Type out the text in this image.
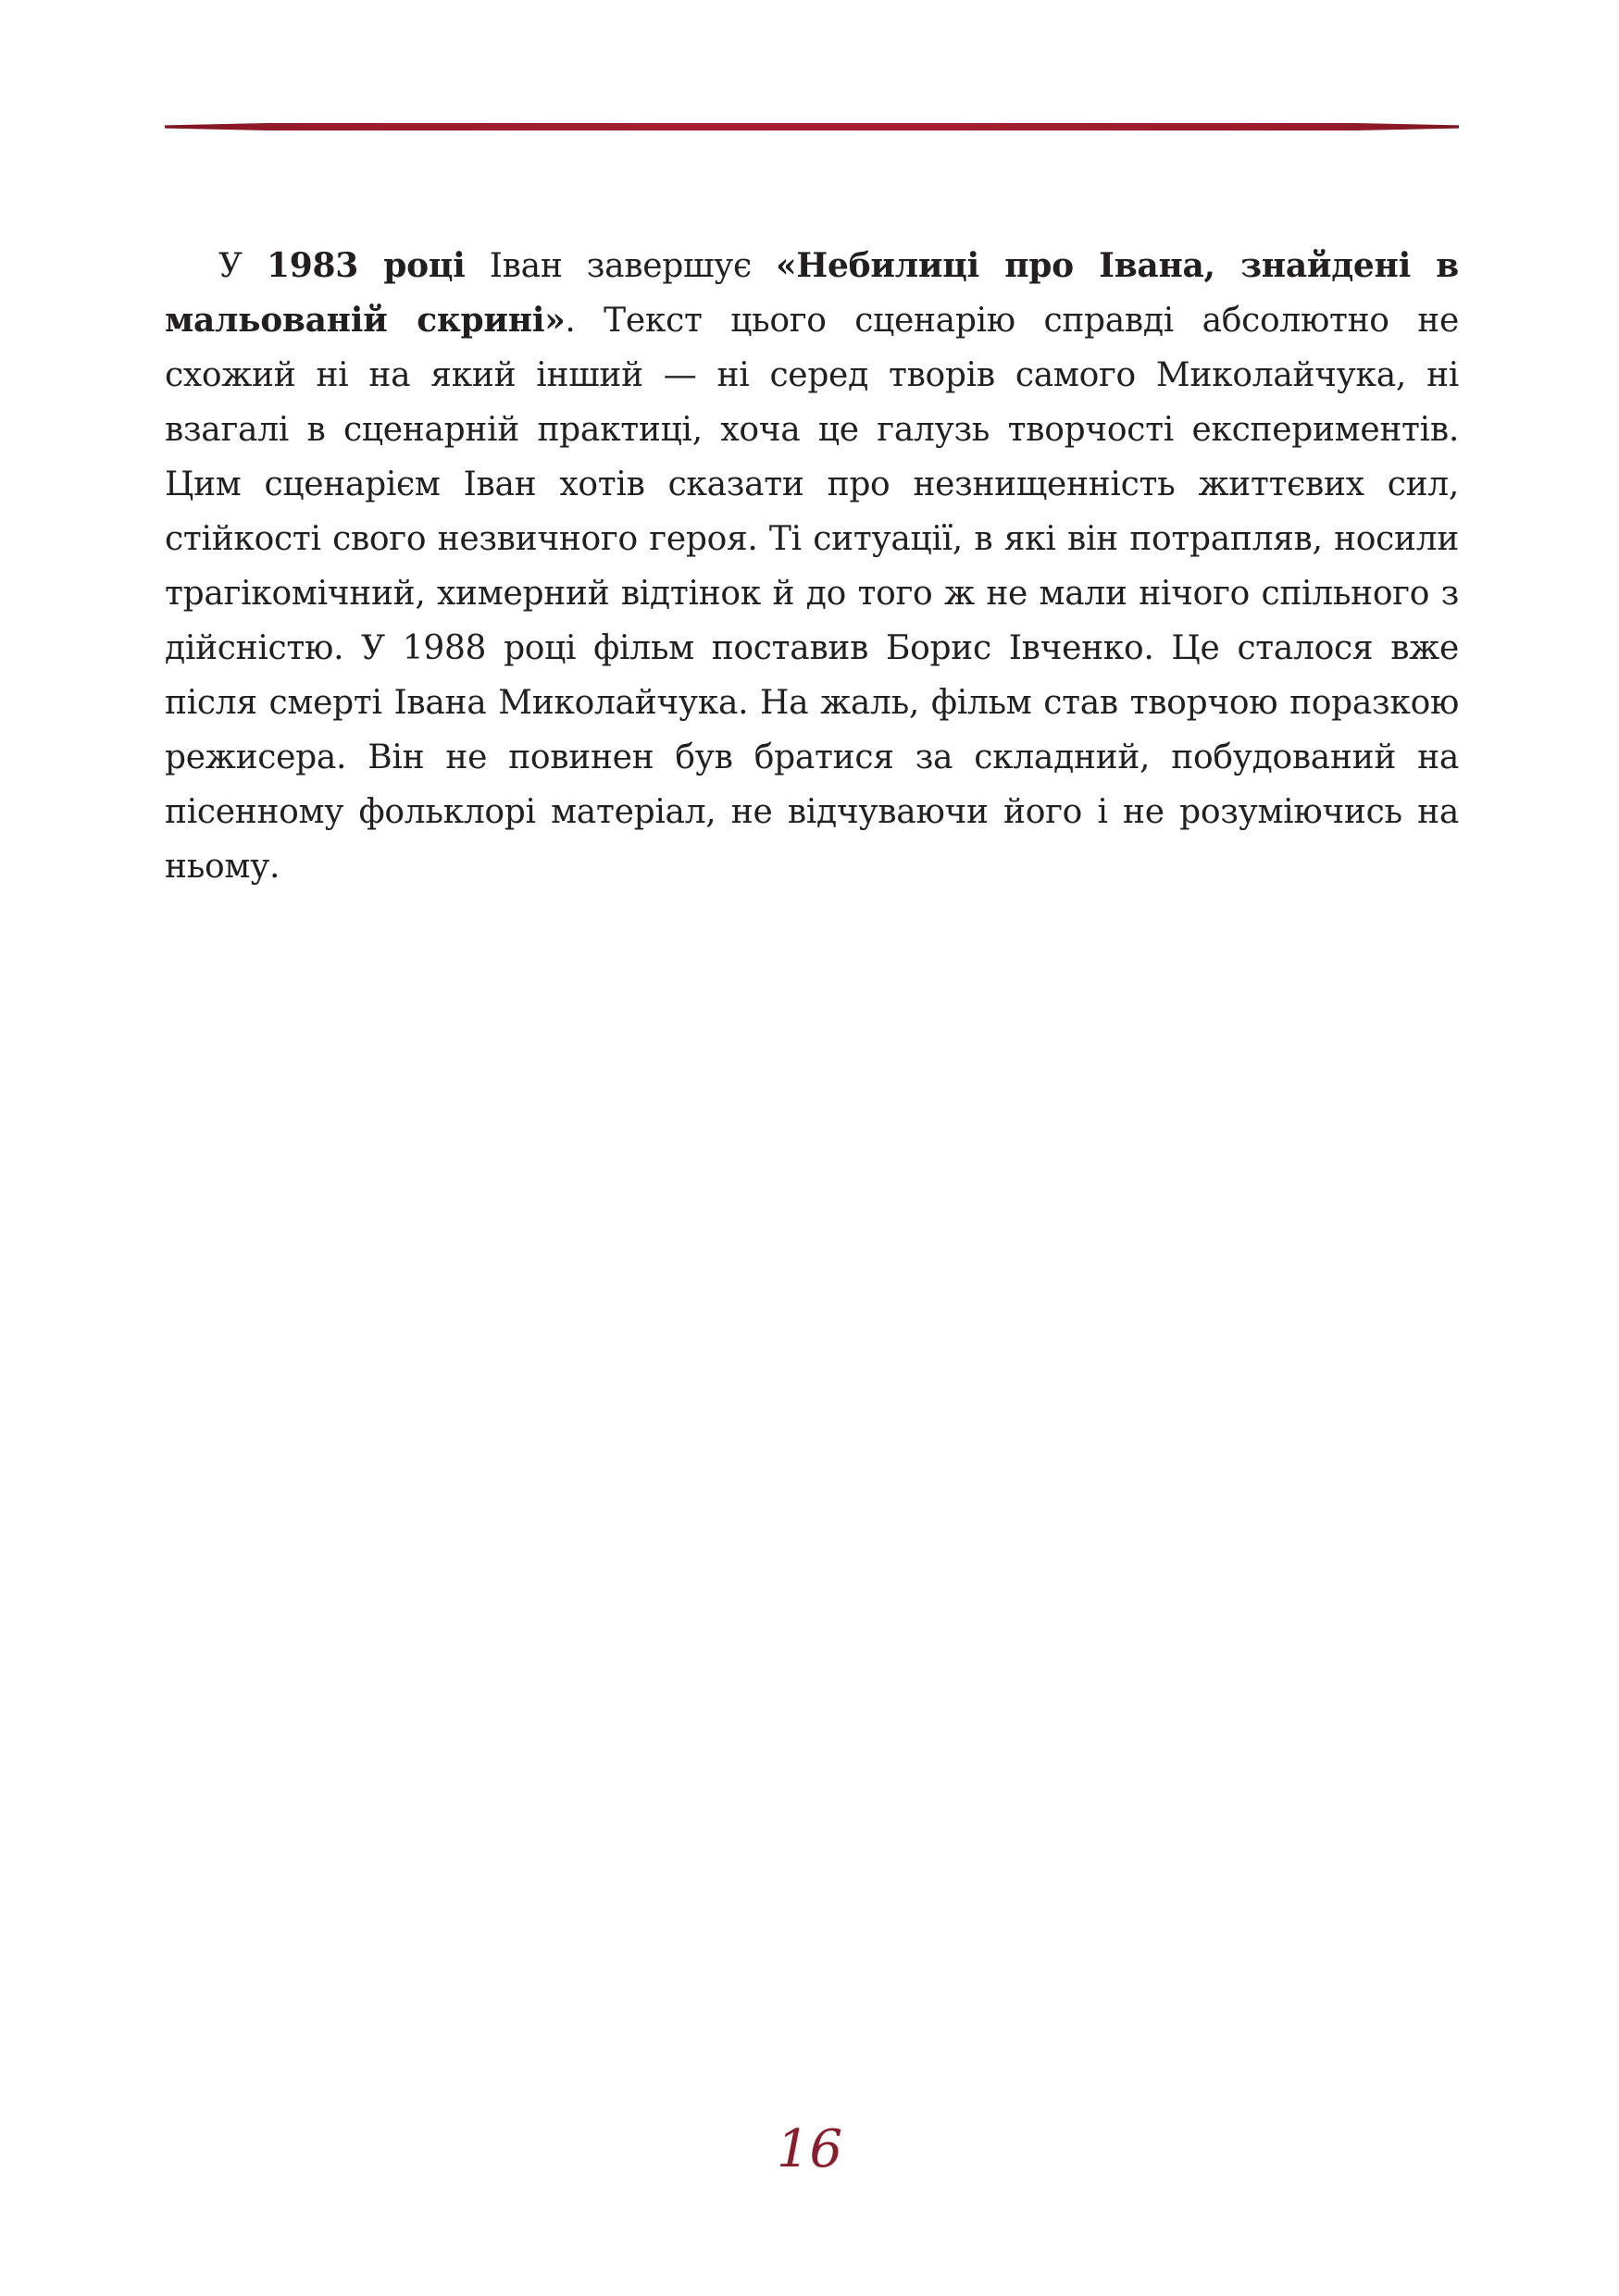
У 1983 році Іван завершує «Небилиці про Івана, знайдені в мальованій скрині». Текст цього сценарію справді абсолютно не схожий ні на який інший — ні серед творів самого Миколайчука, ні взагалі в сценарній практиці, хоча це галузь творчості експериментів. Цим сценарієм Іван хотів сказати про незнищенність життєвих сил, стійкості свого незвичного героя. Ті ситуації, в які він потрапляв, носили трагікомічний, химерний відтінок й до того ж не мали нічого спільного з дійсністю. У 1988 році фільм поставив Борис Івченко. Це сталося вже після смерті Івана Миколайчука. На жаль, фільм став творчою поразкою режисера. Він не повинен був братися за складний, побудований на пісенному фольклорі матеріал, не відчуваючи його і не розуміючись на ньому.

16
